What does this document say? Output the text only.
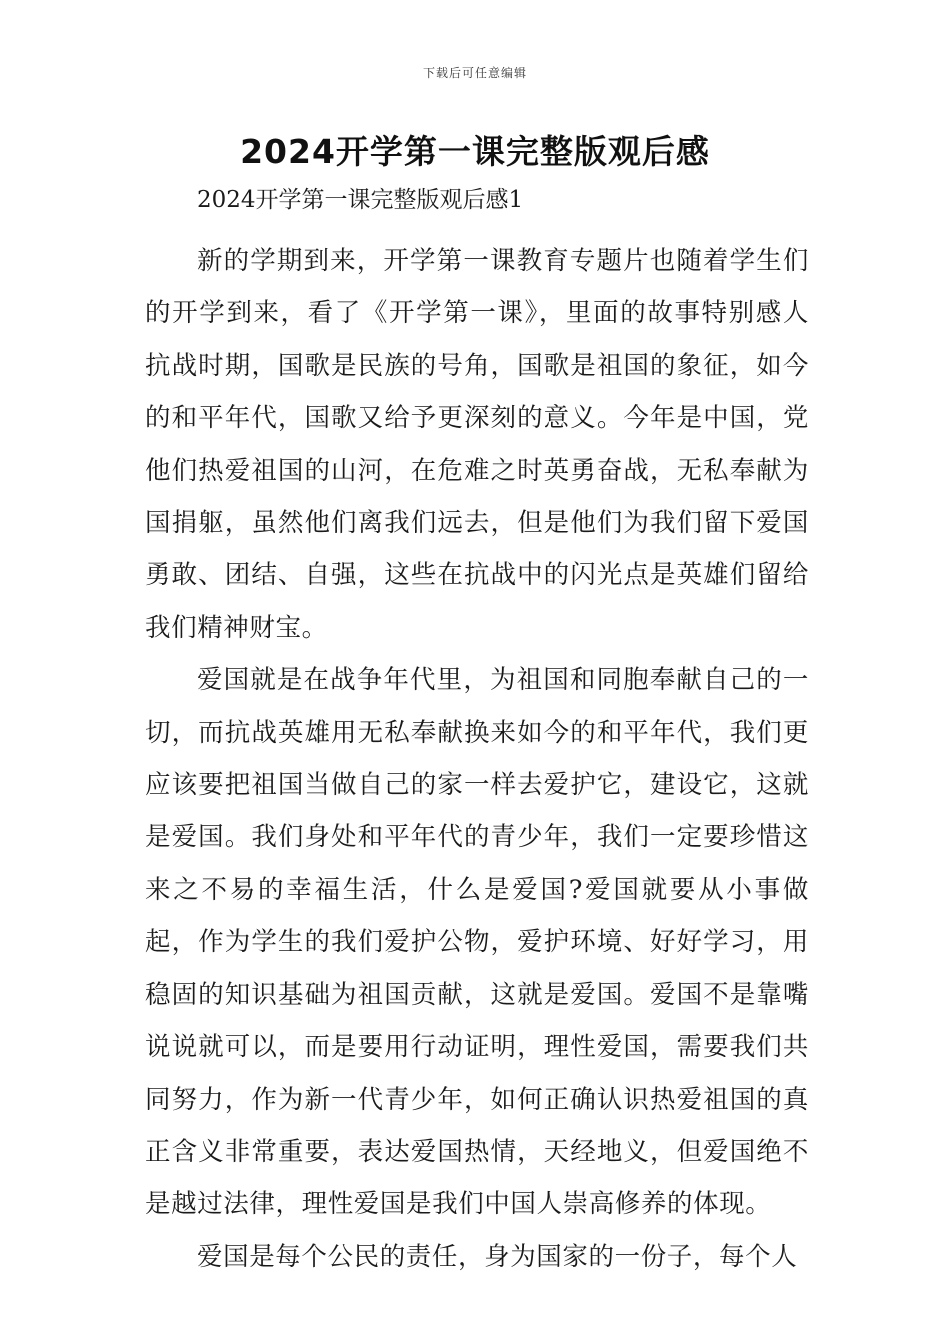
下载后可任意编辑
2024开学第一课完整版观后感

2024开学第一课完整版观后感1

新的学期到来，开学第一课教育专题片也随着学生们的开学到来，看了《开学第一课》，里面的故事特别感人抗战时期，国歌是民族的号角，国歌是祖国的象征，如今的和平年代，国歌又给予更深刻的意义。今年是中国，党他们热爱祖国的山河，在危难之时英勇奋战，无私奉献为国捐躯，虽然他们离我们远去，但是他们为我们留下爱国勇敢、团结、自强，这些在抗战中的闪光点是英雄们留给我们精神财宝。

爱国就是在战争年代里，为祖国和同胞奉献自己的一切，而抗战英雄用无私奉献换来如今的和平年代，我们更应该要把祖国当做自己的家一样去爱护它，建设它，这就是爱国。我们身处和平年代的青少年，我们一定要珍惜这来之不易的幸福生活，什么是爱国?爱国就要从小事做起，作为学生的我们爱护公物，爱护环境、好好学习，用稳固的知识基础为祖国贡献，这就是爱国。爱国不是靠嘴说说就可以，而是要用行动证明，理性爱国，需要我们共同努力，作为新一代青少年，如何正确认识热爱祖国的真正含义非常重要，表达爱国热情，天经地义，但爱国绝不是越过法律，理性爱国是我们中国人崇高修养的体现。

爱国是每个公民的责任，身为国家的一份子，每个人
